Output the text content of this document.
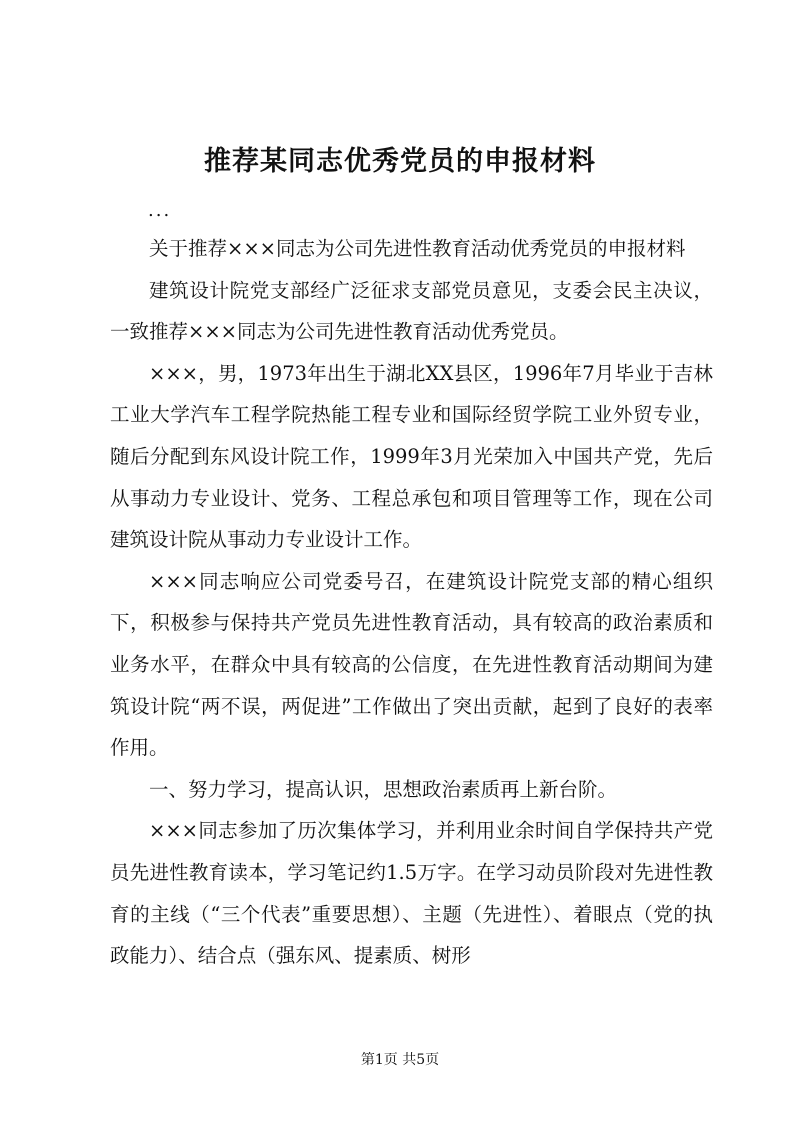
推荐某同志优秀党员的申报材料
...

关于推荐×××同志为公司先进性教育活动优秀党员的申报材料

建筑设计院党支部经广泛征求支部党员意见，支委会民主决议，一致推荐×××同志为公司先进性教育活动优秀党员。

×××，男，1973年出生于湖北XX县区，1996年7月毕业于吉林工业大学汽车工程学院热能工程专业和国际经贸学院工业外贸专业，随后分配到东风设计院工作，1999年3月光荣加入中国共产党，先后从事动力专业设计、党务、工程总承包和项目管理等工作，现在公司建筑设计院从事动力专业设计工作。

×××同志响应公司党委号召，在建筑设计院党支部的精心组织下，积极参与保持共产党员先进性教育活动，具有较高的政治素质和业务水平，在群众中具有较高的公信度，在先进性教育活动期间为建筑设计院“两不误，两促进”工作做出了突出贡献，起到了良好的表率作用。

一、努力学习，提高认识，思想政治素质再上新台阶。

×××同志参加了历次集体学习，并利用业余时间自学保持共产党员先进性教育读本，学习笔记约1.5万字。在学习动员阶段对先进性教育的主线（“三个代表”重要思想）、主题（先进性）、着眼点（党的执政能力）、结合点（强东风、提素质、树形

第1页 共5页
